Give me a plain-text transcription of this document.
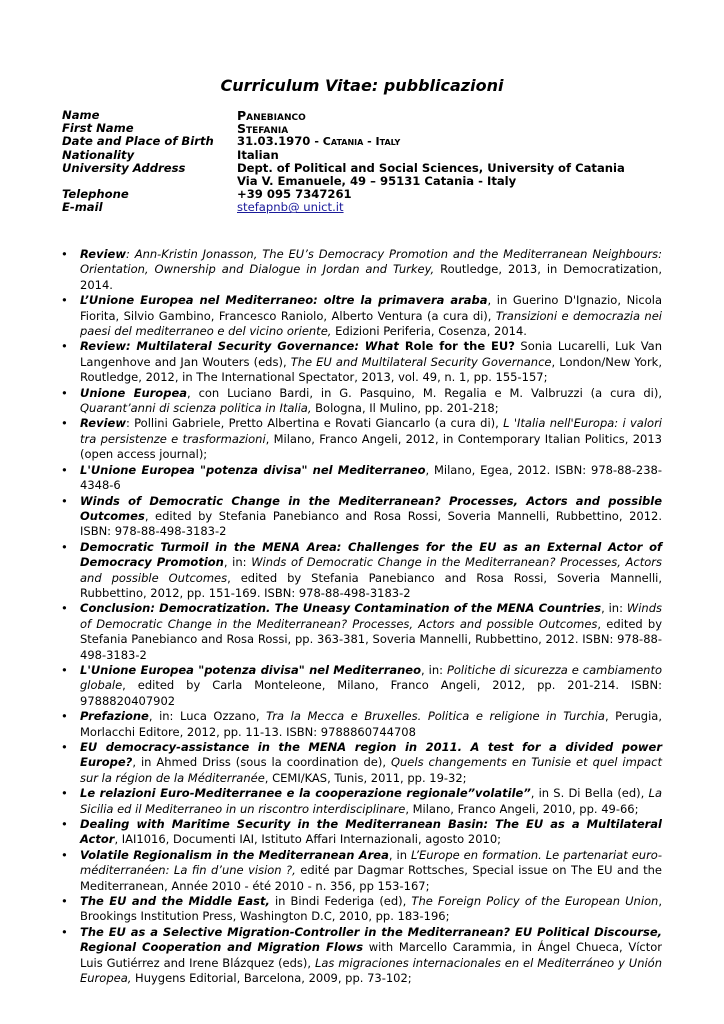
Curriculum Vitae: pubblicazioni
Name	Panebianco
First Name	Stefania
Date and Place of Birth	31.03.1970 - Catania - Italy
Nationality	Italian
University Address	Dept. of Political and Social Sciences, University of Catania
Via V. Emanuele, 49 – 95131 Catania - Italy
Telephone	+39 095 7347261
E-mail	stefapnb@ unict.it
• Review: Ann-Kristin Jonasson, The EU’s Democracy Promotion and the Mediterranean Neighbours: Orientation, Ownership and Dialogue in Jordan and Turkey, Routledge, 2013, in Democratization, 2014.
• L’Unione Europea nel Mediterraneo: oltre la primavera araba, in Guerino D'Ignazio, Nicola Fiorita, Silvio Gambino, Francesco Raniolo, Alberto Ventura (a cura di), Transizioni e democrazia nei paesi del mediterraneo e del vicino oriente, Edizioni Periferia, Cosenza, 2014.
• Review: Multilateral Security Governance: What Role for the EU? Sonia Lucarelli, Luk Van Langenhove and Jan Wouters (eds), The EU and Multilateral Security Governance, London/New York, Routledge, 2012, in The International Spectator, 2013, vol. 49, n. 1, pp. 155-157;
• Unione Europea, con Luciano Bardi, in G. Pasquino, M. Regalia e M. Valbruzzi (a cura di), Quarant’anni di scienza politica in Italia, Bologna, Il Mulino, pp. 201-218;
• Review: Pollini Gabriele, Pretto Albertina e Rovati Giancarlo (a cura di), L 'Italia nell'Europa: i valori tra persistenze e trasformazioni, Milano, Franco Angeli, 2012, in Contemporary Italian Politics, 2013 (open access journal);
• L'Unione Europea "potenza divisa" nel Mediterraneo, Milano, Egea, 2012. ISBN: 978-88-238-4348-6
• Winds of Democratic Change in the Mediterranean? Processes, Actors and possible Outcomes, edited by Stefania Panebianco and Rosa Rossi, Soveria Mannelli, Rubbettino, 2012. ISBN: 978-88-498-3183-2
• Democratic Turmoil in the MENA Area: Challenges for the EU as an External Actor of Democracy Promotion, in: Winds of Democratic Change in the Mediterranean? Processes, Actors and possible Outcomes, edited by Stefania Panebianco and Rosa Rossi, Soveria Mannelli, Rubbettino, 2012, pp. 151-169. ISBN: 978-88-498-3183-2
• Conclusion: Democratization. The Uneasy Contamination of the MENA Countries, in: Winds of Democratic Change in the Mediterranean? Processes, Actors and possible Outcomes, edited by Stefania Panebianco and Rosa Rossi, pp. 363-381, Soveria Mannelli, Rubbettino, 2012. ISBN: 978-88-498-3183-2
• L'Unione Europea "potenza divisa" nel Mediterraneo, in: Politiche di sicurezza e cambiamento globale, edited by Carla Monteleone, Milano, Franco Angeli, 2012, pp. 201-214. ISBN: 9788820407902
• Prefazione, in: Luca Ozzano, Tra la Mecca e Bruxelles. Politica e religione in Turchia, Perugia, Morlacchi Editore, 2012, pp. 11-13. ISBN: 9788860744708
• EU democracy-assistance in the MENA region in 2011. A test for a divided power Europe?, in Ahmed Driss (sous la coordination de), Quels changements en Tunisie et quel impact sur la région de la Méditerranée, CEMI/KAS, Tunis, 2011, pp. 19-32;
• Le relazioni Euro-Mediterranee e la cooperazione regionale”volatile”, in S. Di Bella (ed), La Sicilia ed il Mediterraneo in un riscontro interdisciplinare, Milano, Franco Angeli, 2010, pp. 49-66;
• Dealing with Maritime Security in the Mediterranean Basin: The EU as a Multilateral Actor, IAI1016, Documenti IAI, Istituto Affari Internazionali, agosto 2010;
• Volatile Regionalism in the Mediterranean Area, in L’Europe en formation. Le partenariat euro-méditerranéen: La fin d’une vision ?, edité par Dagmar Rottsches, Special issue on The EU and the Mediterranean, Année 2010 - été 2010 - n. 356, pp 153-167;
• The EU and the Middle East, in Bindi Federiga (ed), The Foreign Policy of the European Union, Brookings Institution Press, Washington D.C, 2010, pp. 183-196;
• The EU as a Selective Migration-Controller in the Mediterranean? EU Political Discourse, Regional Cooperation and Migration Flows with Marcello Carammia, in Ángel Chueca, Víctor Luis Gutiérrez and Irene Blázquez (eds), Las migraciones internacionales en el Mediterráneo y Unión Europea, Huygens Editorial, Barcelona, 2009, pp. 73-102;
